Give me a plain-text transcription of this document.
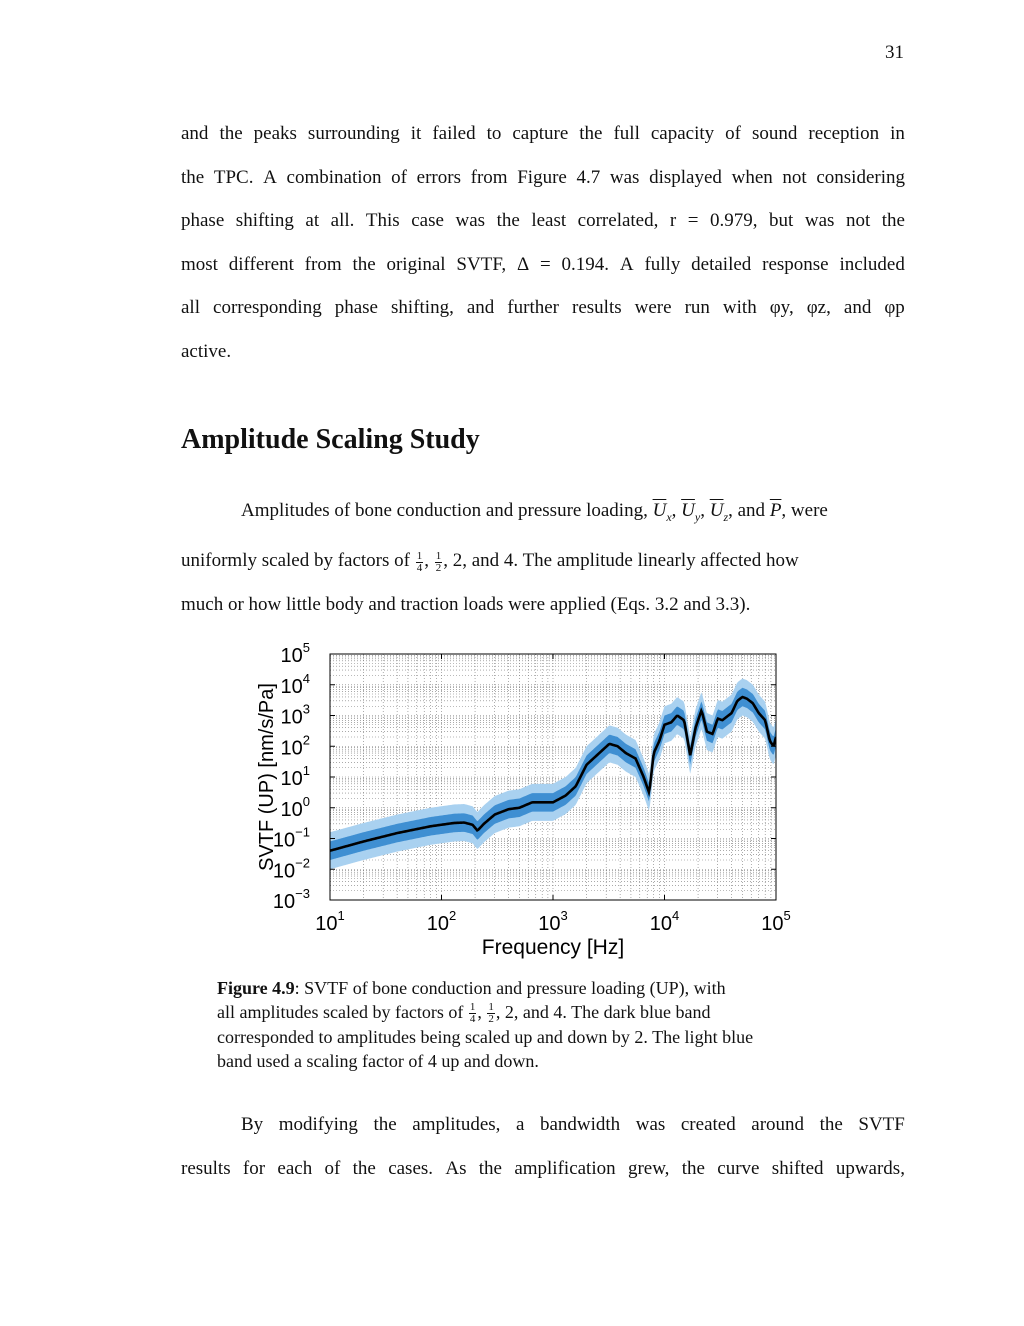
31
and the peaks surrounding it failed to capture the full capacity of sound reception in
the TPC. A combination of errors from Figure 4.7 was displayed when not considering
phase shifting at all. This case was the least correlated, r = 0.979, but was not the
most different from the original SVTF, Δ = 0.194. A fully detailed response included
all corresponding phase shifting, and further results were run with φy, φz, and φp
active.
Amplitude Scaling Study
Amplitudes of bone conduction and pressure loading, $\overline{U}_x$, $\overline{U}_y$, $\overline{U}_z$, and $\overline{P}$, were
uniformly scaled by factors of $\frac{1}{4}$ , $\frac{1}{2}$ , 2, and 4. The amplitude linearly affected how
much or how little body and traction loads were applied (Eqs. 3.2 and 3.3).
$10^1$	$10^2$	$10^3$	$10^4$	$10^5$
$10^{-3}$
$10^{-2}$
$10^{-1}$
$10^0$
$10^1$
$10^2$
$10^3$
$10^4$
$10^5$
Frequency [Hz]
SVTF (UP) [nm/s/Pa]
Figure 4.9: SVTF of bone conduction and pressure loading (UP), with
all amplitudes scaled by factors of $\frac{1}{4}$ , $\frac{1}{2}$ , 2, and 4. The dark blue band
corresponded to amplitudes being scaled up and down by 2. The light blue
band used a scaling factor of 4 up and down.
By modifying the amplitudes, a bandwidth was created around the SVTF
results for each of the cases. As the amplification grew, the curve shifted upwards,
